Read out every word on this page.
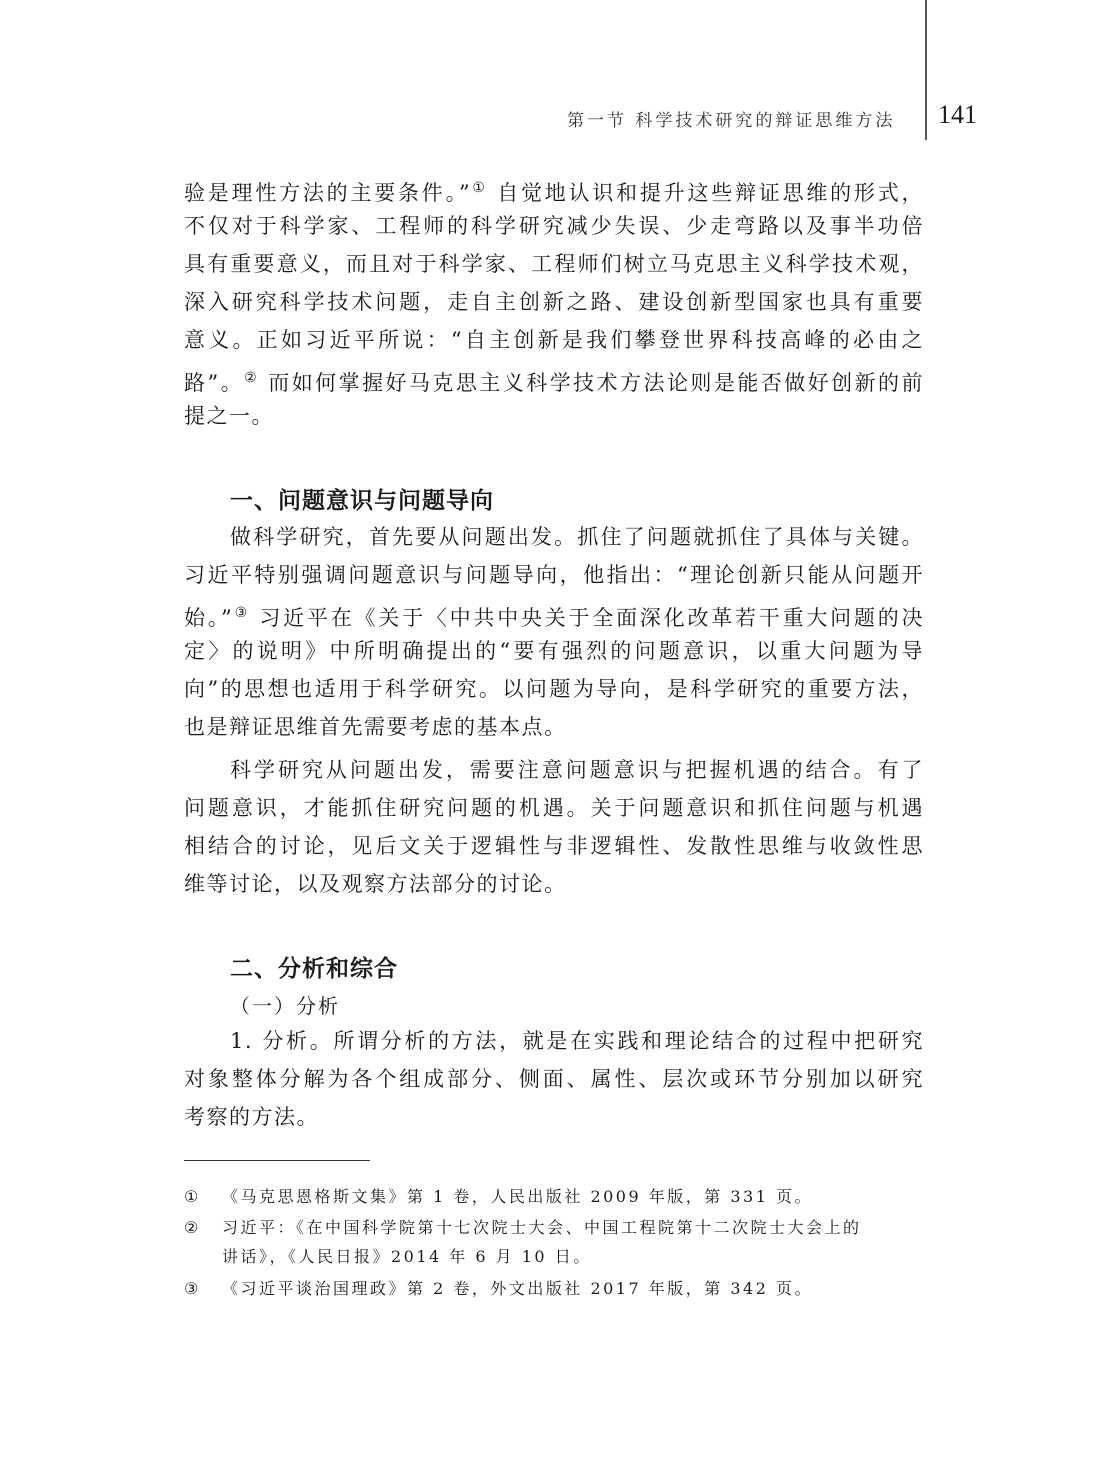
第一节 科学技术研究的辩证思维方法 141
验是理性方法的主要条件。”① 自觉地认识和提升这些辩证思维的形式，
不仅对于科学家、工程师的科学研究减少失误、少走弯路以及事半功倍
具有重要意义，而且对于科学家、工程师们树立马克思主义科学技术观，
深入研究科学技术问题，走自主创新之路、建设创新型国家也具有重要
意义。正如习近平所说：“自主创新是我们攀登世界科技高峰的必由之
路”。② 而如何掌握好马克思主义科学技术方法论则是能否做好创新的前
提之一。
一、问题意识与问题导向
做科学研究，首先要从问题出发。抓住了问题就抓住了具体与关键。
习近平特别强调问题意识与问题导向，他指出：“理论创新只能从问题开
始。”③ 习近平在《关于〈中共中央关于全面深化改革若干重大问题的决
定〉的说明》中所明确提出的“要有强烈的问题意识，以重大问题为导
向”的思想也适用于科学研究。以问题为导向，是科学研究的重要方法，
也是辩证思维首先需要考虑的基本点。
科学研究从问题出发，需要注意问题意识与把握机遇的结合。有了
问题意识，才能抓住研究问题的机遇。关于问题意识和抓住问题与机遇
相结合的讨论，见后文关于逻辑性与非逻辑性、发散性思维与收敛性思
维等讨论，以及观察方法部分的讨论。
二、分析和综合
（一）分析
1. 分析。所谓分析的方法，就是在实践和理论结合的过程中把研究
对象整体分解为各个组成部分、侧面、属性、层次或环节分别加以研究
考察的方法。
① 《马克思恩格斯文集》第 1 卷，人民出版社 2009 年版，第 331 页。
② 习近平：《在中国科学院第十七次院士大会、中国工程院第十二次院士大会上的
讲话》，《人民日报》2014 年 6 月 10 日。
③ 《习近平谈治国理政》第 2 卷，外文出版社 2017 年版，第 342 页。
